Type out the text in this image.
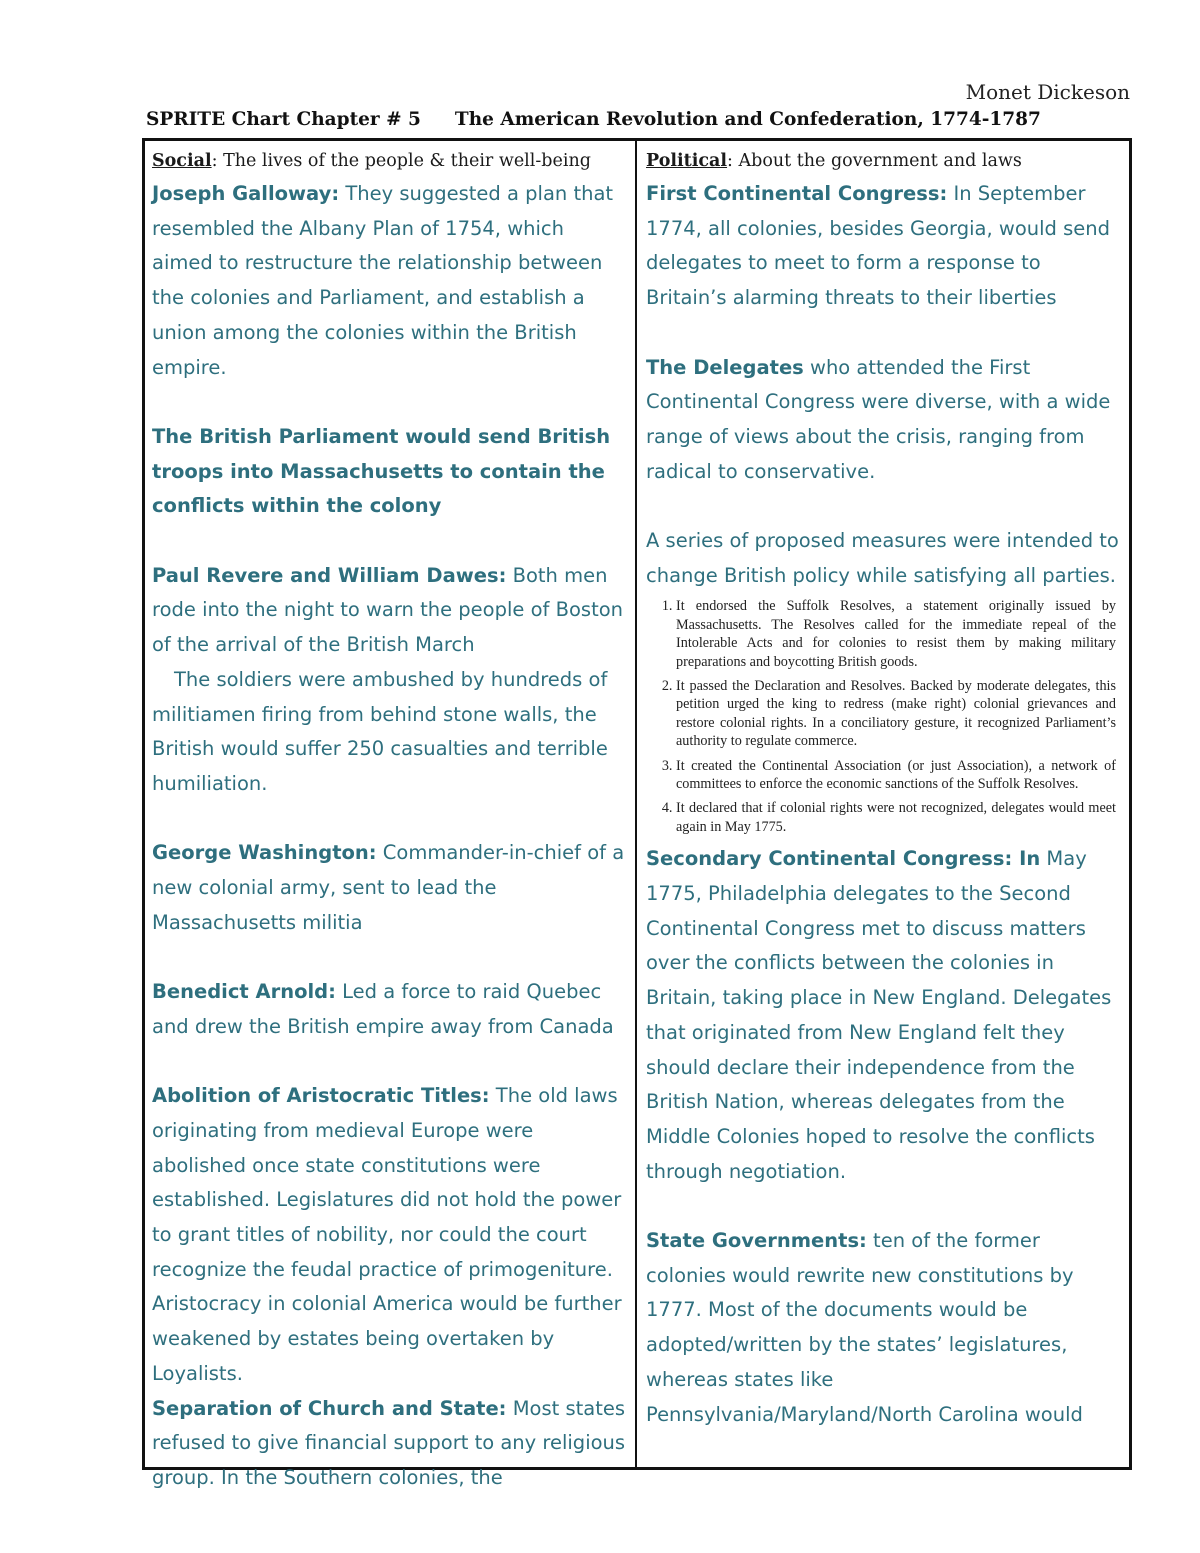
Monet Dickeson
SPRITE Chart Chapter # 5 The American Revolution and Confederation, 1774-1787
Social: The lives of the people & their well-being

Joseph Galloway: They suggested a plan that resembled the Albany Plan of 1754, which aimed to restructure the relationship between the colonies and Parliament, and establish a union among the colonies within the British empire.

The British Parliament would send British troops into Massachusetts to contain the conflicts within the colony

Paul Revere and William Dawes: Both men rode into the night to warn the people of Boston of the arrival of the British March

The soldiers were ambushed by hundreds of militiamen firing from behind stone walls, the British would suffer 250 casualties and terrible humiliation.

George Washington: Commander-in-chief of a new colonial army, sent to lead the Massachusetts militia

Benedict Arnold: Led a force to raid Quebec and drew the British empire away from Canada

Abolition of Aristocratic Titles: The old laws originating from medieval Europe were abolished once state constitutions were established. Legislatures did not hold the power to grant titles of nobility, nor could the court recognize the feudal practice of primogeniture. Aristocracy in colonial America would be further weakened by estates being overtaken by Loyalists.

Separation of Church and State: Most states refused to give financial support to any religious group. In the Southern colonies, the

Political: About the government and laws

First Continental Congress: In September 1774, all colonies, besides Georgia, would send delegates to meet to form a response to Britain’s alarming threats to their liberties

The Delegates who attended the First Continental Congress were diverse, with a wide range of views about the crisis, ranging from radical to conservative.

A series of proposed measures were intended to change British policy while satisfying all parties.

1. It endorsed the Suffolk Resolves, a statement originally issued by Massachusetts. The Resolves called for the immediate repeal of the Intolerable Acts and for colonies to resist them by making military preparations and boycotting British goods.
2. It passed the Declaration and Resolves. Backed by moderate delegates, this petition urged the king to redress (make right) colonial grievances and restore colonial rights. In a conciliatory gesture, it recognized Parliament’s authority to regulate commerce.
3. It created the Continental Association (or just Association), a network of committees to enforce the economic sanctions of the Suffolk Resolves.
4. It declared that if colonial rights were not recognized, delegates would meet again in May 1775.

Secondary Continental Congress: In May 1775, Philadelphia delegates to the Second Continental Congress met to discuss matters over the conflicts between the colonies in Britain, taking place in New England. Delegates that originated from New England felt they should declare their independence from the British Nation, whereas delegates from the Middle Colonies hoped to resolve the conflicts through negotiation.

State Governments: ten of the former colonies would rewrite new constitutions by 1777. Most of the documents would be adopted/written by the states’ legislatures, whereas states like Pennsylvania/Maryland/North Carolina would
